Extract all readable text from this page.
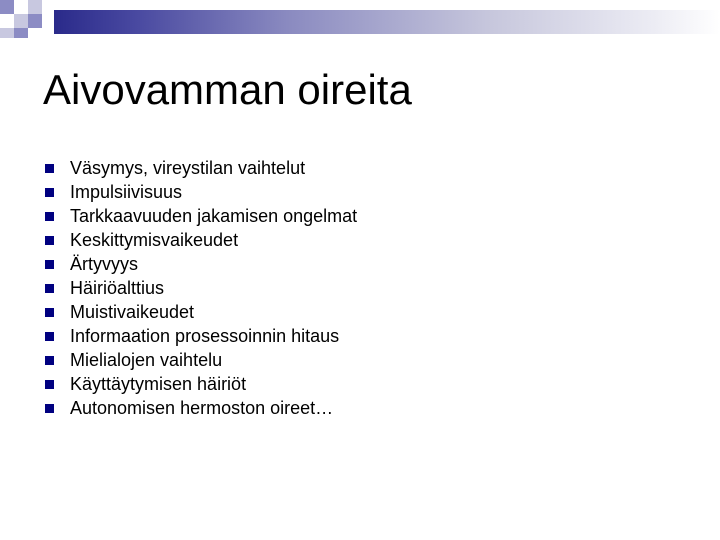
Aivovamman oireita
Väsymys, vireystilan vaihtelut
Impulsiivisuus
Tarkkaavuuden jakamisen ongelmat
Keskittymisvaikeudet
Ärtyvyys
Häiriöalttius
Muistivaikeudet
Informaation prosessoinnin hitaus
Mielialojen vaihtelu
Käyttäytymisen häiriöt
Autonomisen hermoston oireet…
